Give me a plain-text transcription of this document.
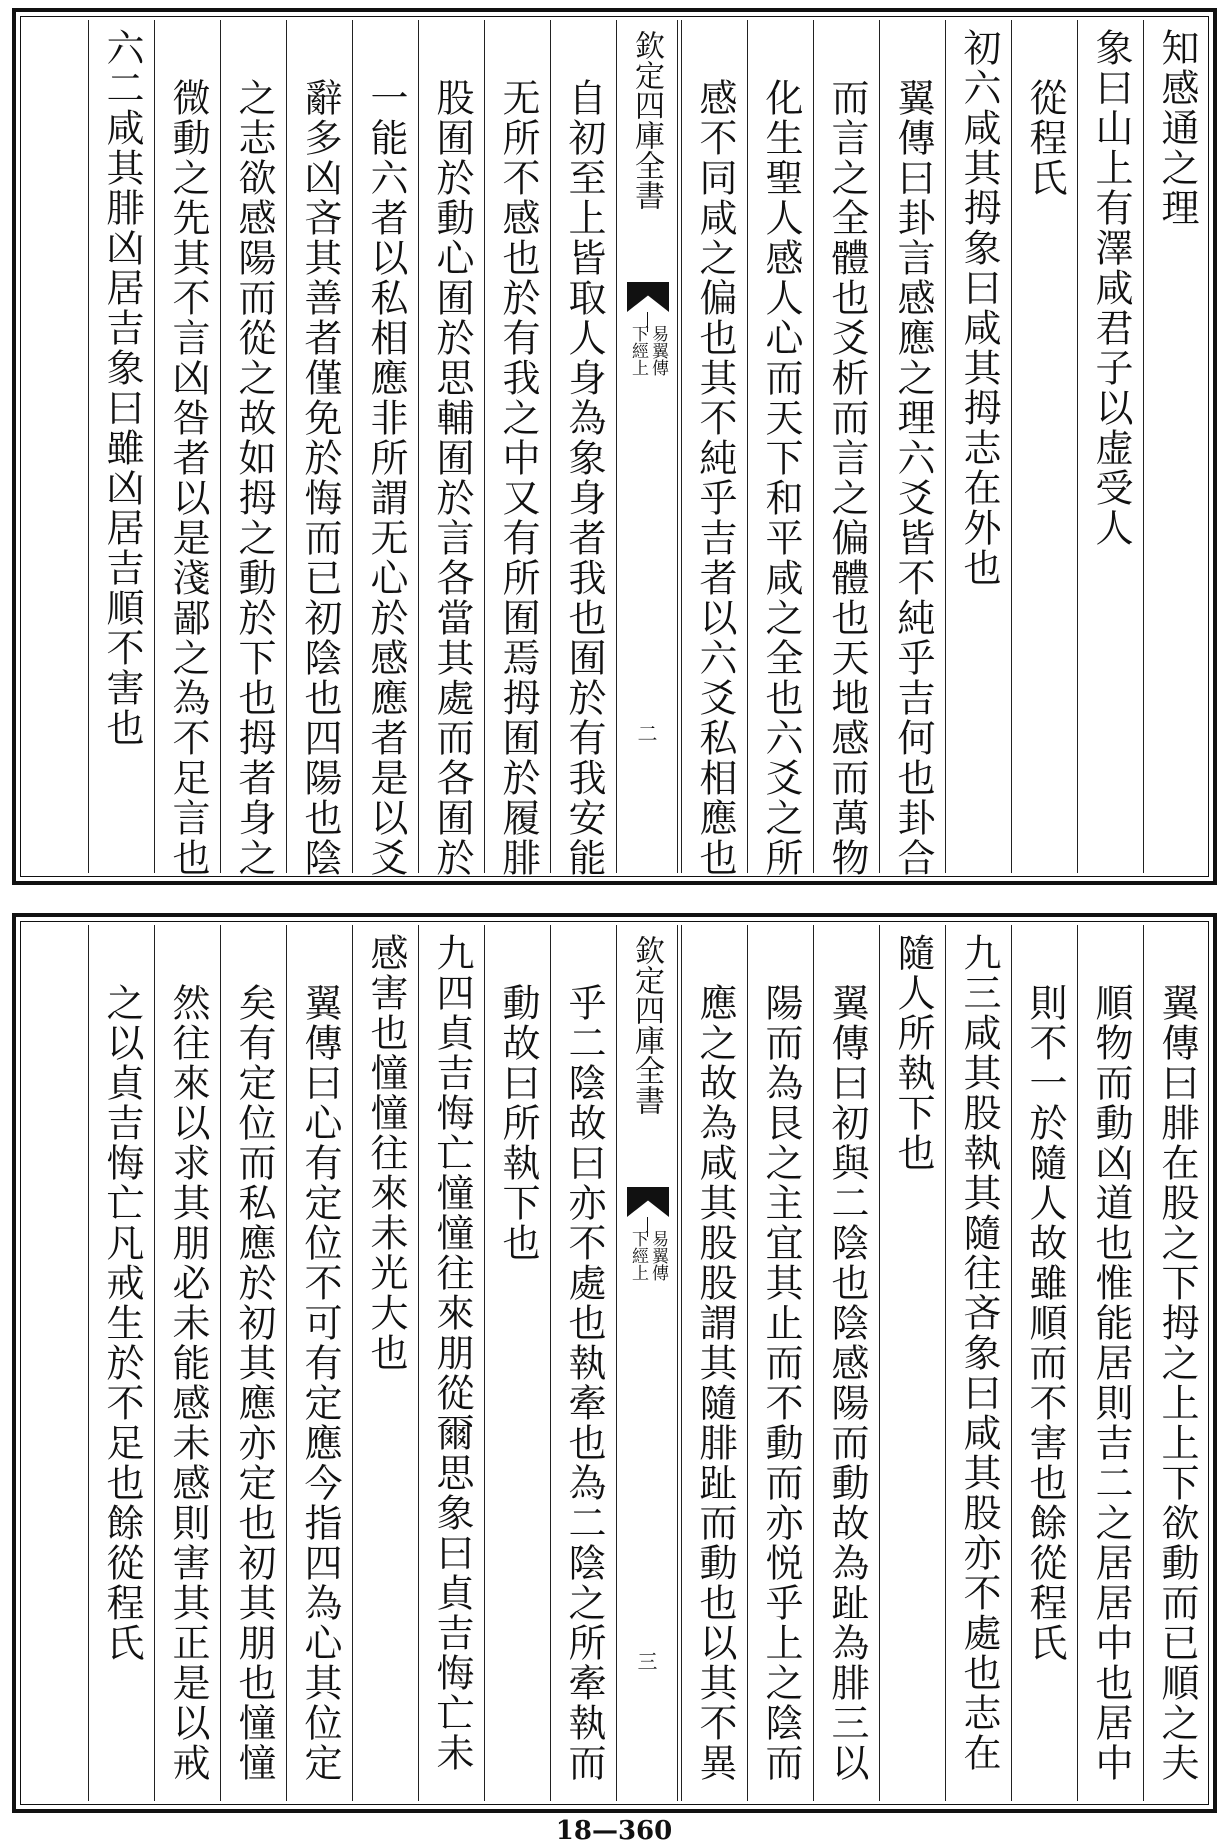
知感通之理
象曰山上有澤咸君子以虚受人
從程氏
初六咸其拇象曰咸其拇志在外也
翼傳曰卦言感應之理六爻皆不純乎吉何也卦合
而言之全體也爻析而言之偏體也天地感而萬物
化生聖人感人心而天下和平咸之全也六爻之所
感不同咸之偏也其不純乎吉者以六爻私相應也
欽定四庫全書
易翼傳
下經上
二
自初至上皆取人身為象身者我也囿於有我安能
无所不感也於有我之中又有所囿焉拇囿於履腓
股囿於動心囿於思輔囿於言各當其處而各囿於
一能六者以私相應非所謂无心於感應者是以爻
辭多凶吝其善者僅免於悔而已初陰也四陽也陰
之志欲感陽而從之故如拇之動於下也拇者身之
微動之先其不言凶咎者以是淺鄙之為不足言也
六二咸其腓凶居吉象曰雖凶居吉順不害也
翼傳曰腓在股之下拇之上上下欲動而已順之夫
順物而動凶道也惟能居則吉二之居居中也居中
則不一於隨人故雖順而不害也餘從程氏
九三咸其股執其隨往吝象曰咸其股亦不處也志在
隨人所執下也
翼傳曰初與二陰也陰感陽而動故為趾為腓三以
陽而為艮之主宜其止而不動而亦悦乎上之陰而
應之故為咸其股股謂其隨腓趾而動也以其不異
欽定四庫全書
易翼傳
下經上
三
乎二陰故曰亦不處也執牽也為二陰之所牽執而
動故曰所執下也
九四貞吉悔亡憧憧往來朋從爾思象曰貞吉悔亡未
感害也憧憧往來未光大也
翼傳曰心有定位不可有定應今指四為心其位定
矣有定位而私應於初其應亦定也初其朋也憧憧
然往來以求其朋必未能感未感則害其正是以戒
之以貞吉悔亡凡戒生於不足也餘從程氏
18—360
